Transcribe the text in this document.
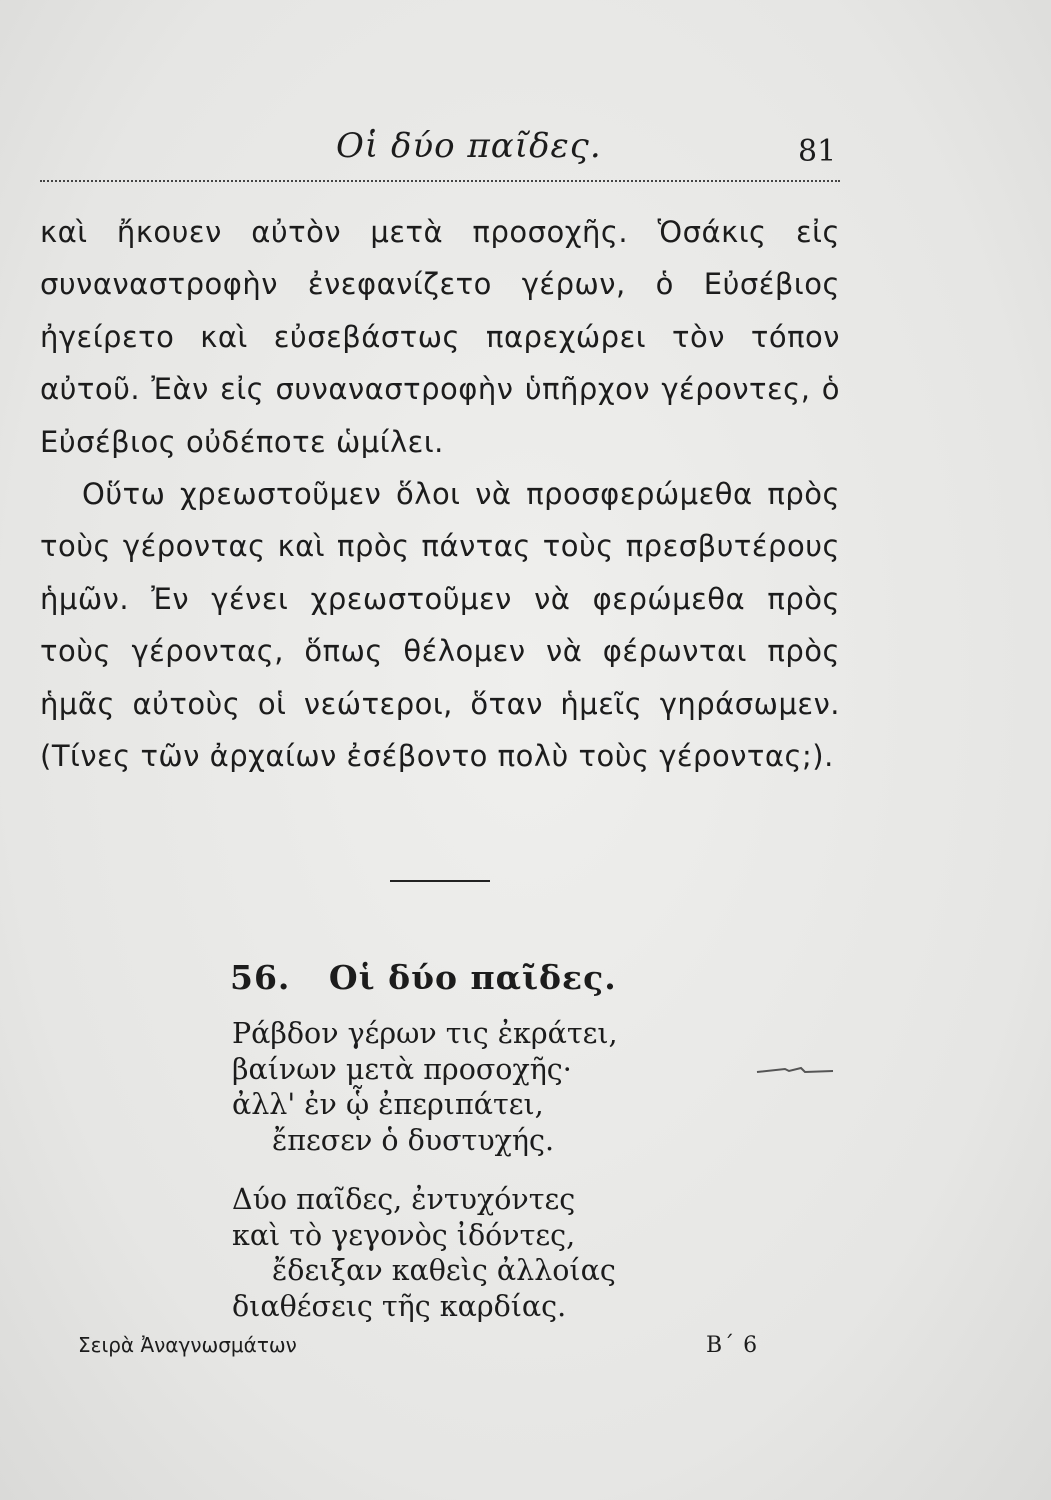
Οἱ δύο παῖδες.	81

καὶ ἤκουεν αὐτὸν μετὰ προσοχῆς. Ὁσάκις εἰς συναναστροφὴν ἐνεφανίζετο γέρων, ὁ Εὐσέβιος ἠγείρετο καὶ εὐσεβάστως παρεχώρει τὸν τόπον αὐτοῦ. Ἐὰν εἰς συναναστροφὴν ὑπῆρχον γέροντες, ὁ Εὐσέβιος οὐδέποτε ὡμίλει.

Οὕτω χρεωστοῦμεν ὅλοι νὰ προσφερώμεθα πρὸς τοὺς γέροντας καὶ πρὸς πάντας τοὺς πρεσβυτέρους ἡμῶν. Ἐν γένει χρεωστοῦμεν νὰ φερώμεθα πρὸς τοὺς γέροντας, ὅπως θέλομεν νὰ φέρωνται πρὸς ἡμᾶς αὐτοὺς οἱ νεώτεροι, ὅταν ἡμεῖς γηράσωμεν. (Τίνες τῶν ἀρχαίων ἐσέβοντο πολὺ τοὺς γέροντας;).

56. Οἱ δύο παῖδες.
Ράβδον γέρων τις ἐκράτει,
βαίνων μετὰ προσοχῆς·
ἀλλ' ἐν ᾧ ἐπεριπάτει,
ἔπεσεν ὁ δυστυχής.
Δύο παῖδες, ἐντυχόντες
καὶ τὸ γεγονὸς ἰδόντες,
ἔδειξαν καθεὶς ἀλλοίας
διαθέσεις τῆς καρδίας.
Σειρὰ Ἀναγνωσμάτων	Β΄ 6
